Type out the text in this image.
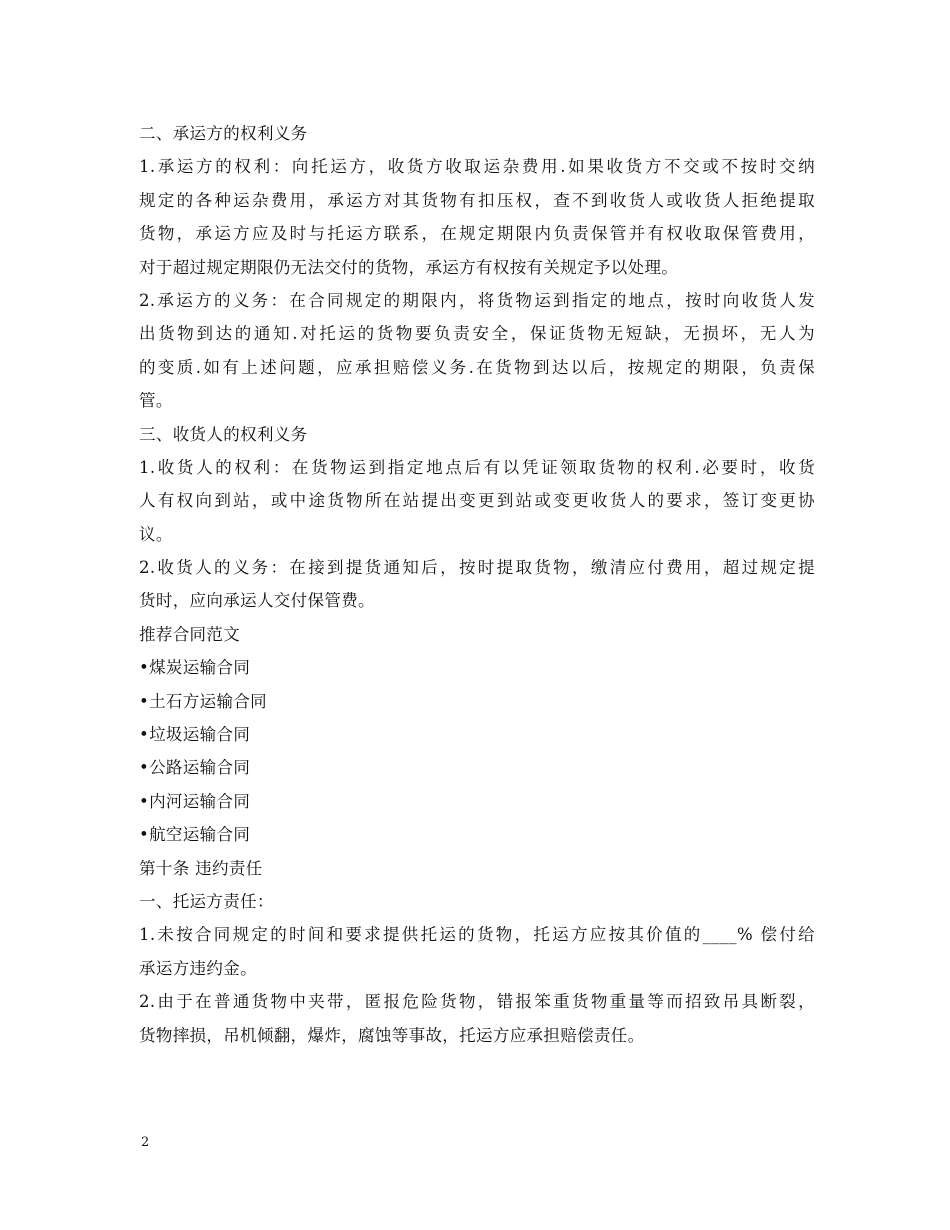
二、承运方的权利义务
1.承运方的权利：向托运方，收货方收取运杂费用.如果收货方不交或不按时交纳
规定的各种运杂费用，承运方对其货物有扣压权，查不到收货人或收货人拒绝提取
货物，承运方应及时与托运方联系，在规定期限内负责保管并有权收取保管费用，
对于超过规定期限仍无法交付的货物，承运方有权按有关规定予以处理。
2.承运方的义务：在合同规定的期限内，将货物运到指定的地点，按时向收货人发
出货物到达的通知.对托运的货物要负责安全，保证货物无短缺，无损坏，无人为
的变质.如有上述问题，应承担赔偿义务.在货物到达以后，按规定的期限，负责保
管。
三、收货人的权利义务
1.收货人的权利：在货物运到指定地点后有以凭证领取货物的权利.必要时，收货
人有权向到站，或中途货物所在站提出变更到站或变更收货人的要求，签订变更协
议。
2.收货人的义务：在接到提货通知后，按时提取货物，缴清应付费用，超过规定提
货时，应向承运人交付保管费。
推荐合同范文
•煤炭运输合同
•土石方运输合同
•垃圾运输合同
•公路运输合同
•内河运输合同
•航空运输合同
第十条 违约责任
一、托运方责任：
1.未按合同规定的时间和要求提供托运的货物，托运方应按其价值的____% 偿付给
承运方违约金。
2.由于在普通货物中夹带，匿报危险货物，错报笨重货物重量等而招致吊具断裂，
货物摔损，吊机倾翻，爆炸，腐蚀等事故，托运方应承担赔偿责任。
2
